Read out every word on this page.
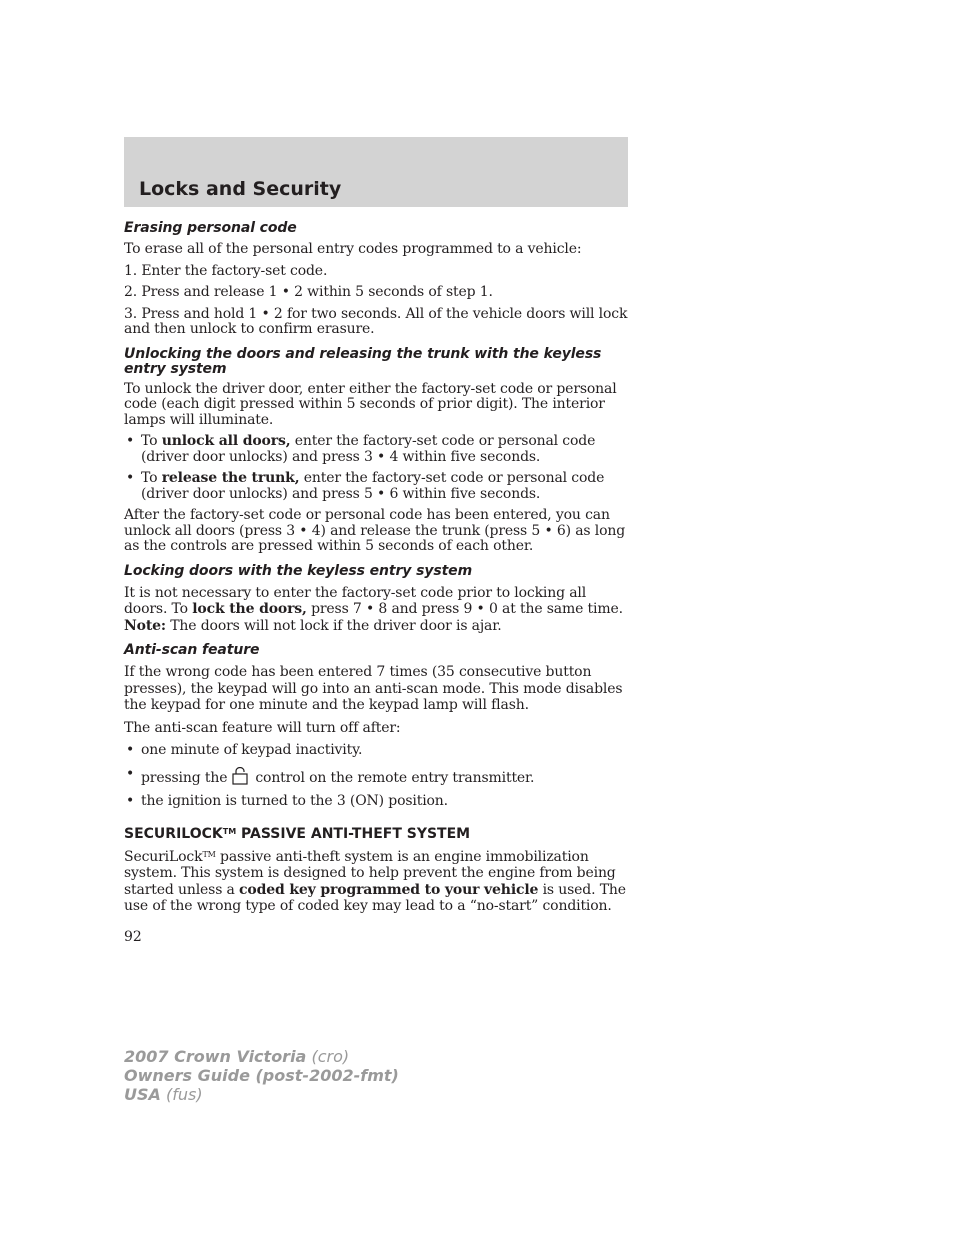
Locks and Security
Erasing personal code

To erase all of the personal entry codes programmed to a vehicle:

1. Enter the factory-set code.

2. Press and release 1 • 2 within 5 seconds of step 1.

3. Press and hold 1 • 2 for two seconds. All of the vehicle doors will lock and then unlock to confirm erasure.

Unlocking the doors and releasing the trunk with the keyless entry system

To unlock the driver door, enter either the factory-set code or personal code (each digit pressed within 5 seconds of prior digit). The interior lamps will illuminate.

• To unlock all doors, enter the factory-set code or personal code (driver door unlocks) and press 3 • 4 within five seconds.
• To release the trunk, enter the factory-set code or personal code (driver door unlocks) and press 5 • 6 within five seconds.

After the factory-set code or personal code has been entered, you can unlock all doors (press 3 • 4) and release the trunk (press 5 • 6) as long as the controls are pressed within 5 seconds of each other.

Locking doors with the keyless entry system

It is not necessary to enter the factory-set code prior to locking all doors. To lock the doors, press 7 • 8 and press 9 • 0 at the same time. Note: The doors will not lock if the driver door is ajar.

Anti-scan feature

If the wrong code has been entered 7 times (35 consecutive button presses), the keypad will go into an anti-scan mode. This mode disables the keypad for one minute and the keypad lamp will flash.

The anti-scan feature will turn off after:

• one minute of keypad inactivity.
• pressing the control on the remote entry transmitter.
• the ignition is turned to the 3 (ON) position.
SECURILOCK™ PASSIVE ANTI-THEFT SYSTEM

SecuriLock™ passive anti-theft system is an engine immobilization system. This system is designed to help prevent the engine from being started unless a coded key programmed to your vehicle is used. The use of the wrong type of coded key may lead to a “no-start” condition.

92
2007 Crown Victoria (cro)
Owners Guide (post-2002-fmt)
USA (fus)
